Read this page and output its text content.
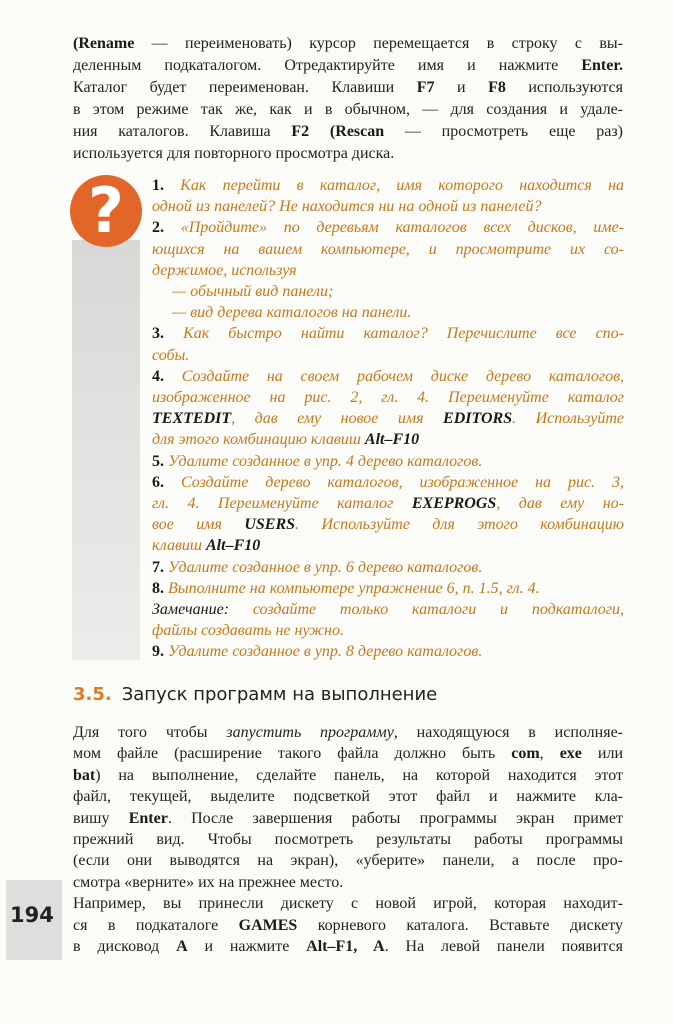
(Rename — переименовать) курсор перемещается в строку с вы-
деленным подкаталогом. Отредактируйте имя и нажмите Enter.
Каталог будет переименован. Клавиши F7 и F8 используются
в этом режиме так же, как и в обычном, — для создания и удале-
ния каталогов. Клавиша F2 (Rescan — просмотреть еще раз)
используется для повторного просмотра диска.
?	1. Как перейти в каталог, имя которого находится на
одной из панелей? Не находится ни на одной из панелей?
2. «Пройдите» по деревьям каталогов всех дисков, име-
ющихся на вашем компьютере, и просмотрите их со-
держимое, используя
— обычный вид панели;
— вид дерева каталогов на панели.
3. Как быстро найти каталог? Перечислите все спо-
собы.
4. Создайте на своем рабочем диске дерево каталогов,
изображенное на рис. 2, гл. 4. Переименуйте каталог
TEXTEDIT, дав ему новое имя EDITORS. Используйте
для этого комбинацию клавиш Alt–F10
5. Удалите созданное в упр. 4 дерево каталогов.
6. Создайте дерево каталогов, изображенное на рис. 3,
гл. 4. Переименуйте каталог EXEPROGS, дав ему но-
вое имя USERS. Используйте для этого комбинацию
клавиш Alt–F10
7. Удалите созданное в упр. 6 дерево каталогов.
8. Выполните на компьютере упражнение 6, п. 1.5, гл. 4.
Замечание: создайте только каталоги и подкаталоги,
файлы создавать не нужно.
9. Удалите созданное в упр. 8 дерево каталогов.
3.5. Запуск программ на выполнение
Для того чтобы запустить программу, находящуюся в исполняе-
мом файле (расширение такого файла должно быть com, exe или
bat) на выполнение, сделайте панель, на которой находится этот
файл, текущей, выделите подсветкой этот файл и нажмите кла-
вишу Enter. После завершения работы программы экран примет
прежний вид. Чтобы посмотреть результаты работы программы
(если они выводятся на экран), «уберите» панели, а после про-
смотра «верните» их на прежнее место.
Например, вы принесли дискету с новой игрой, которая находит-
ся в подкаталоге GAMES корневого каталога. Вставьте дискету
в дисковод A и нажмите Alt–F1, A. На левой панели появится
194
